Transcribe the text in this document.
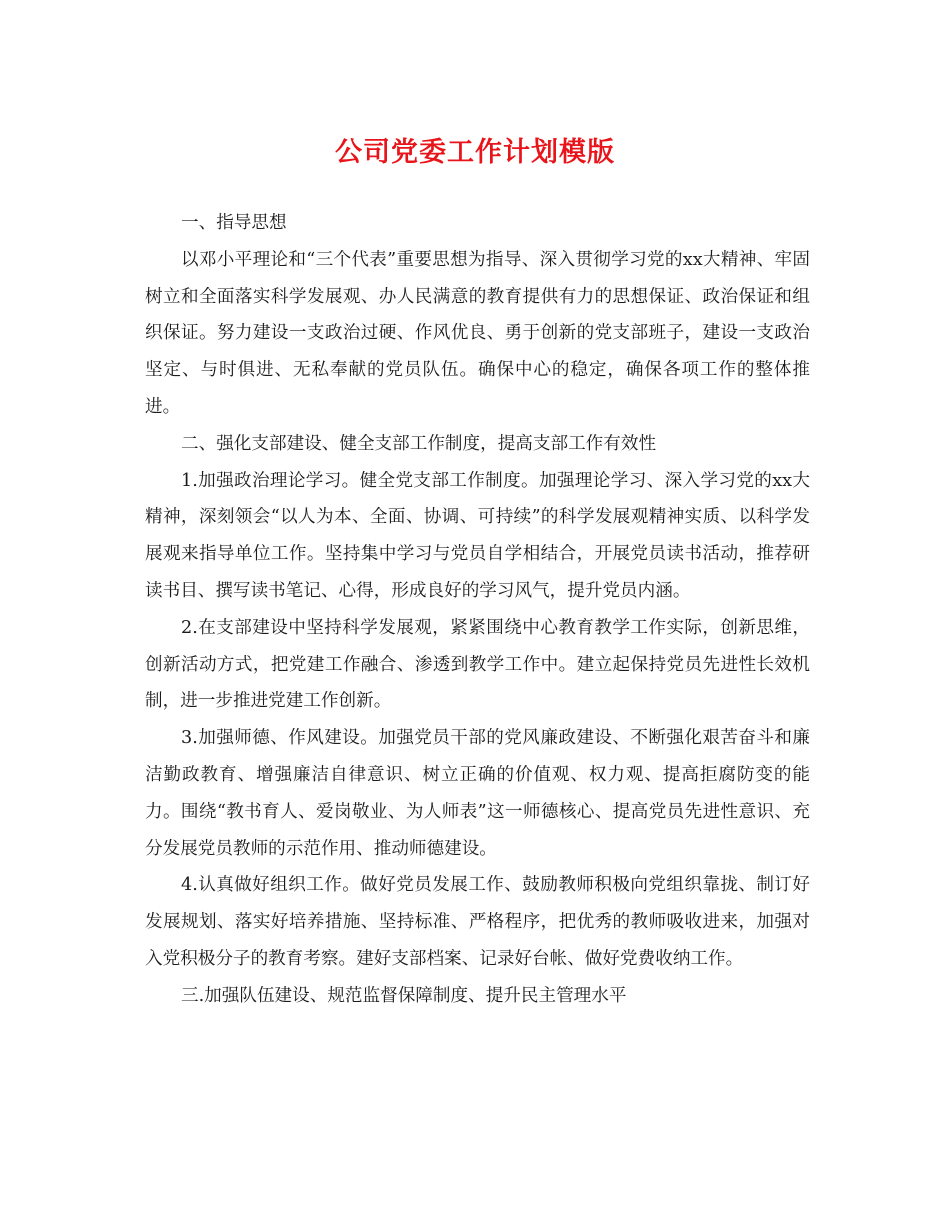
公司党委工作计划模版

一、指导思想

以邓小平理论和“三个代表”重要思想为指导、深入贯彻学习党的xx大精神、牢固树立和全面落实科学发展观、办人民满意的教育提供有力的思想保证、政治保证和组织保证。努力建设一支政治过硬、作风优良、勇于创新的党支部班子，建设一支政治坚定、与时俱进、无私奉献的党员队伍。确保中心的稳定，确保各项工作的整体推进。

二、强化支部建设、健全支部工作制度，提高支部工作有效性

1.加强政治理论学习。健全党支部工作制度。加强理论学习、深入学习党的xx大精神，深刻领会“以人为本、全面、协调、可持续”的科学发展观精神实质、以科学发展观来指导单位工作。坚持集中学习与党员自学相结合，开展党员读书活动，推荐研读书目、撰写读书笔记、心得，形成良好的学习风气，提升党员内涵。

2.在支部建设中坚持科学发展观，紧紧围绕中心教育教学工作实际，创新思维，创新活动方式，把党建工作融合、渗透到教学工作中。建立起保持党员先进性长效机制，进一步推进党建工作创新。

3.加强师德、作风建设。加强党员干部的党风廉政建设、不断强化艰苦奋斗和廉洁勤政教育、增强廉洁自律意识、树立正确的价值观、权力观、提高拒腐防变的能力。围绕“教书育人、爱岗敬业、为人师表”这一师德核心、提高党员先进性意识、充分发展党员教师的示范作用、推动师德建设。

4.认真做好组织工作。做好党员发展工作、鼓励教师积极向党组织靠拢、制订好发展规划、落实好培养措施、坚持标准、严格程序，把优秀的教师吸收进来，加强对入党积极分子的教育考察。建好支部档案、记录好台帐、做好党费收纳工作。

三.加强队伍建设、规范监督保障制度、提升民主管理水平
